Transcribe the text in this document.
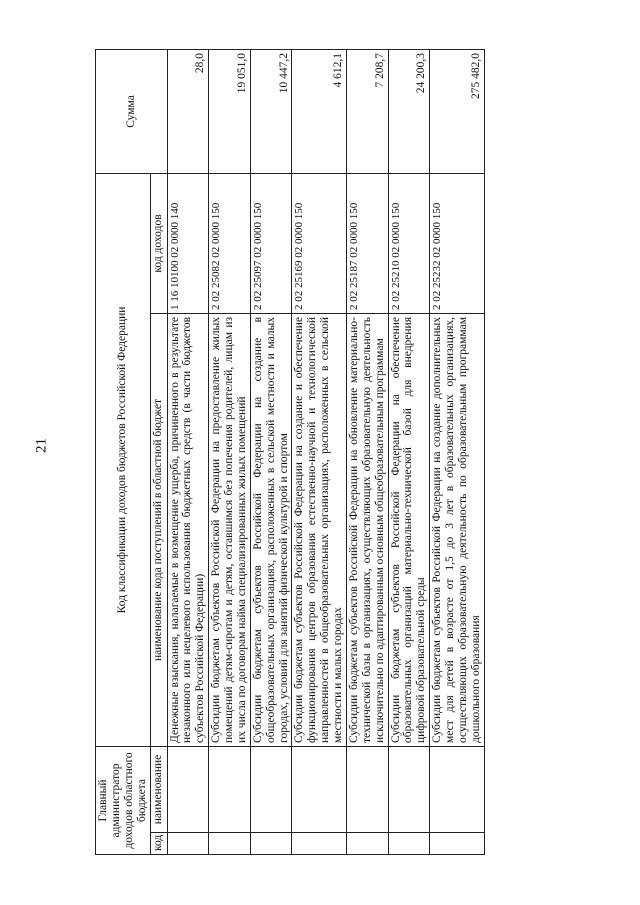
21
Главный администратор доходов областного бюджета		Код классификации доходов бюджетов Российской Федерации		Сумма
код	наименование	наименование кода поступлений в областной бюджет	код доходов	
		Денежные взыскания, налагаемые в возмещение ущерба, причиненного в результате незаконного или нецелевого использования бюджетных средств (в части бюджетов субъектов Российской Федерации)	1 16 10100 02 0000 140	28,0
		Субсидии бюджетам субъектов Российской Федерации на предоставление жилых помещений детям-сиротам и детям, оставшимся без попечения родителей, лицам из их числа по договорам найма специализированных жилых помещений	2 02 25082 02 0000 150	19 051,0
		Субсидии бюджетам субъектов Российской Федерации на создание в общеобразовательных организациях, расположенных в сельской местности и малых городах, условий для занятий физической культурой и спортом	2 02 25097 02 0000 150	10 447,2
		Субсидии бюджетам субъектов Российской Федерации на создание и обеспечение функционирования центров образования естественно-научной и технологической направленностей в общеобразовательных организациях, расположенных в сельской местности и малых городах	2 02 25169 02 0000 150	4 612,1
		Субсидии бюджетам субъектов Российской Федерации на обновление материально-технической базы в организациях, осуществляющих образовательную деятельность исключительно по адаптированным основным общеобразовательным программам	2 02 25187 02 0000 150	7 208,7
		Субсидии бюджетам субъектов Российской Федерации на обеспечение образовательных организаций материально-технической базой для внедрения цифровой образовательной среды	2 02 25210 02 0000 150	24 200,3
		Субсидии бюджетам субъектов Российской Федерации на создание дополнительных мест для детей в возрасте от 1,5 до 3 лет в образовательных организациях, осуществляющих образовательную деятельность по образовательным программам дошкольного образования	2 02 25232 02 0000 150	275 482,0
